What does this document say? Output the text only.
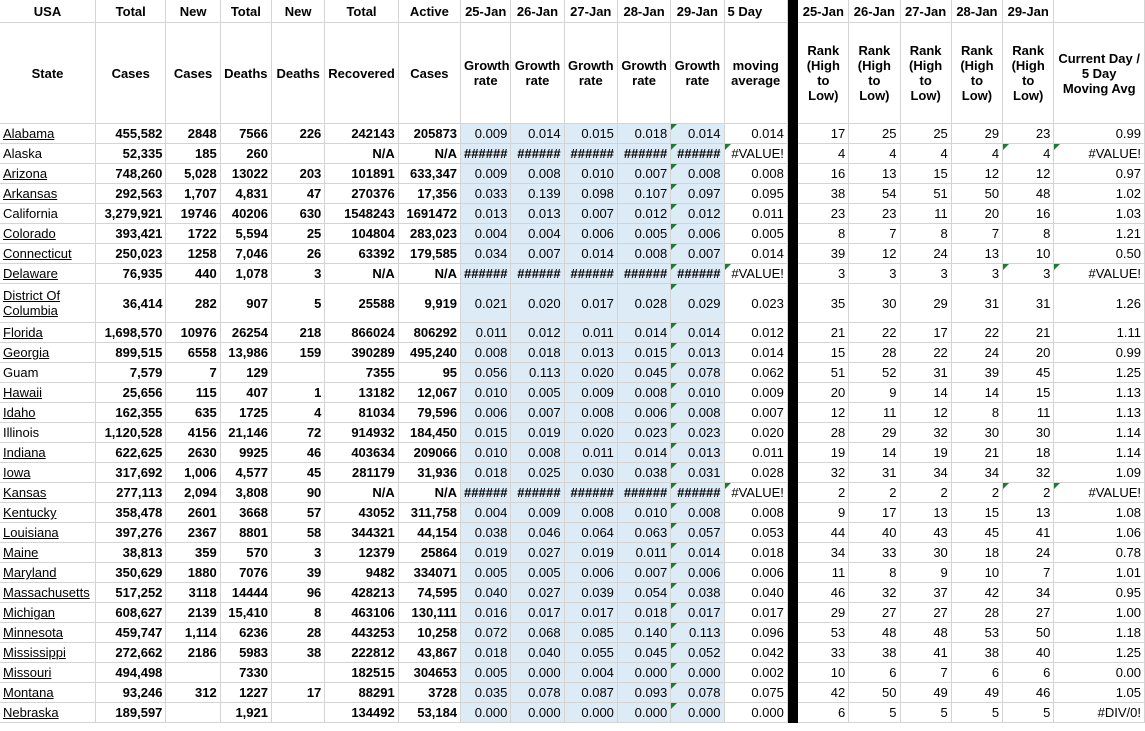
USA	Total	New	Total	New	Total	Active	25-Jan	26-Jan	27-Jan	28-Jan	29-Jan	5 Day		25-Jan	26-Jan	27-Jan	28-Jan	29-Jan	
State	Cases	Cases	Deaths	Deaths	Recovered	Cases	Growth rate	Growth rate	Growth rate	Growth rate	Growth rate	moving average		Rank (High to Low)	Rank (High to Low)	Rank (High to Low)	Rank (High to Low)	Rank (High to Low)	Current Day / 5 Day Moving Avg
Alabama	455,582	2848	7566	226	242143	205873	0.009	0.014	0.015	0.018	0.014	0.014		17	25	25	29	23	0.99
Alaska	52,335	185	260		N/A	N/A	######	######	######	######	######	#VALUE!		4	4	4	4	4	#VALUE!
Arizona	748,260	5,028	13022	203	101891	633,347	0.009	0.008	0.010	0.007	0.008	0.008		16	13	15	12	12	0.97
Arkansas	292,563	1,707	4,831	47	270376	17,356	0.033	0.139	0.098	0.107	0.097	0.095		38	54	51	50	48	1.02
California	3,279,921	19746	40206	630	1548243	1691472	0.013	0.013	0.007	0.012	0.012	0.011		23	23	11	20	16	1.03
Colorado	393,421	1722	5,594	25	104804	283,023	0.004	0.004	0.006	0.005	0.006	0.005		8	7	8	7	8	1.21
Connecticut	250,023	1258	7,046	26	63392	179,585	0.034	0.007	0.014	0.008	0.007	0.014		39	12	24	13	10	0.50
Delaware	76,935	440	1,078	3	N/A	N/A	######	######	######	######	######	#VALUE!		3	3	3	3	3	#VALUE!

District Of Columbia	36,414	282	907	5	25588	9,919	0.021	0.020	0.017	0.028	0.029	0.023		35	30	29	31	31	1.26
Florida	1,698,570	10976	26254	218	866024	806292	0.011	0.012	0.011	0.014	0.014	0.012		21	22	17	22	21	1.11
Georgia	899,515	6558	13,986	159	390289	495,240	0.008	0.018	0.013	0.015	0.013	0.014		15	28	22	24	20	0.99
Guam	7,579	7	129		7355	95	0.056	0.113	0.020	0.045	0.078	0.062		51	52	31	39	45	1.25
Hawaii	25,656	115	407	1	13182	12,067	0.010	0.005	0.009	0.008	0.010	0.009		20	9	14	14	15	1.13
Idaho	162,355	635	1725	4	81034	79,596	0.006	0.007	0.008	0.006	0.008	0.007		12	11	12	8	11	1.13
Illinois	1,120,528	4156	21,146	72	914932	184,450	0.015	0.019	0.020	0.023	0.023	0.020		28	29	32	30	30	1.14
Indiana	622,625	2630	9925	46	403634	209066	0.010	0.008	0.011	0.014	0.013	0.011		19	14	19	21	18	1.14
Iowa	317,692	1,006	4,577	45	281179	31,936	0.018	0.025	0.030	0.038	0.031	0.028		32	31	34	34	32	1.09
Kansas	277,113	2,094	3,808	90	N/A	N/A	######	######	######	######	######	#VALUE!		2	2	2	2	2	#VALUE!
Kentucky	358,478	2601	3668	57	43052	311,758	0.004	0.009	0.008	0.010	0.008	0.008		9	17	13	15	13	1.08
Louisiana	397,276	2367	8801	58	344321	44,154	0.038	0.046	0.064	0.063	0.057	0.053		44	40	43	45	41	1.06
Maine	38,813	359	570	3	12379	25864	0.019	0.027	0.019	0.011	0.014	0.018		34	33	30	18	24	0.78
Maryland	350,629	1880	7076	39	9482	334071	0.005	0.005	0.006	0.007	0.006	0.006		11	8	9	10	7	1.01
Massachusetts	517,252	3118	14444	96	428213	74,595	0.040	0.027	0.039	0.054	0.038	0.040		46	32	37	42	34	0.95
Michigan	608,627	2139	15,410	8	463106	130,111	0.016	0.017	0.017	0.018	0.017	0.017		29	27	27	28	27	1.00
Minnesota	459,747	1,114	6236	28	443253	10,258	0.072	0.068	0.085	0.140	0.113	0.096		53	48	48	53	50	1.18
Mississippi	272,662	2186	5983	38	222812	43,867	0.018	0.040	0.055	0.045	0.052	0.042		33	38	41	38	40	1.25
Missouri	494,498		7330		182515	304653	0.005	0.000	0.004	0.000	0.000	0.002		10	6	7	6	6	0.00
Montana	93,246	312	1227	17	88291	3728	0.035	0.078	0.087	0.093	0.078	0.075		42	50	49	49	46	1.05
Nebraska	189,597		1,921		134492	53,184	0.000	0.000	0.000	0.000	0.000	0.000		6	5	5	5	5	#DIV/0!
